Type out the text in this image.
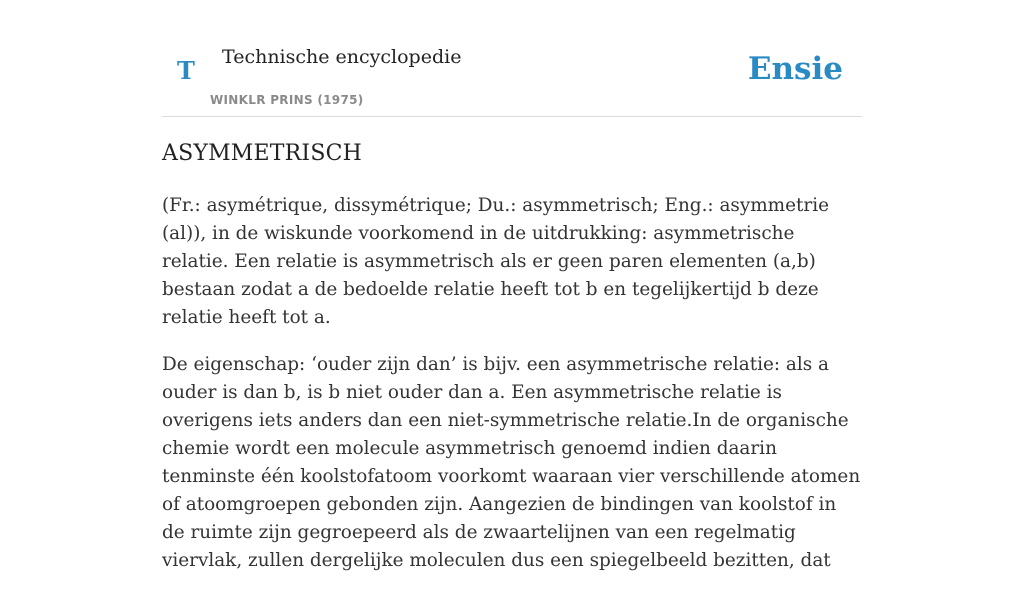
T Technische encyclopedie
WINKLR PRINS (1975)
Ensie
ASYMMETRISCH

(Fr.: asymétrique, dissymétrique; Du.: asymmetrisch; Eng.: asymmetrie (al)), in de wiskunde voorkomend in de uitdrukking: asymmetrische relatie. Een relatie is asymmetrisch als er geen paren elementen (a,b) bestaan zodat a de bedoelde relatie heeft tot b en tegelijkertijd b deze relatie heeft tot a.

De eigenschap: ‘ouder zijn dan’ is bijv. een asymmetrische relatie: als a ouder is dan b, is b niet ouder dan a. Een asymmetrische relatie is overigens iets anders dan een niet-symmetrische relatie.In de organische chemie wordt een molecule asymmetrisch genoemd indien daarin tenminste één koolstofatoom voorkomt waaraan vier verschillende atomen of atoomgroepen gebonden zijn. Aangezien de bindingen van koolstof in de ruimte zijn gegroepeerd als de zwaartelijnen van een regelmatig viervlak, zullen dergelijke moleculen dus een spiegelbeeld bezitten, dat
